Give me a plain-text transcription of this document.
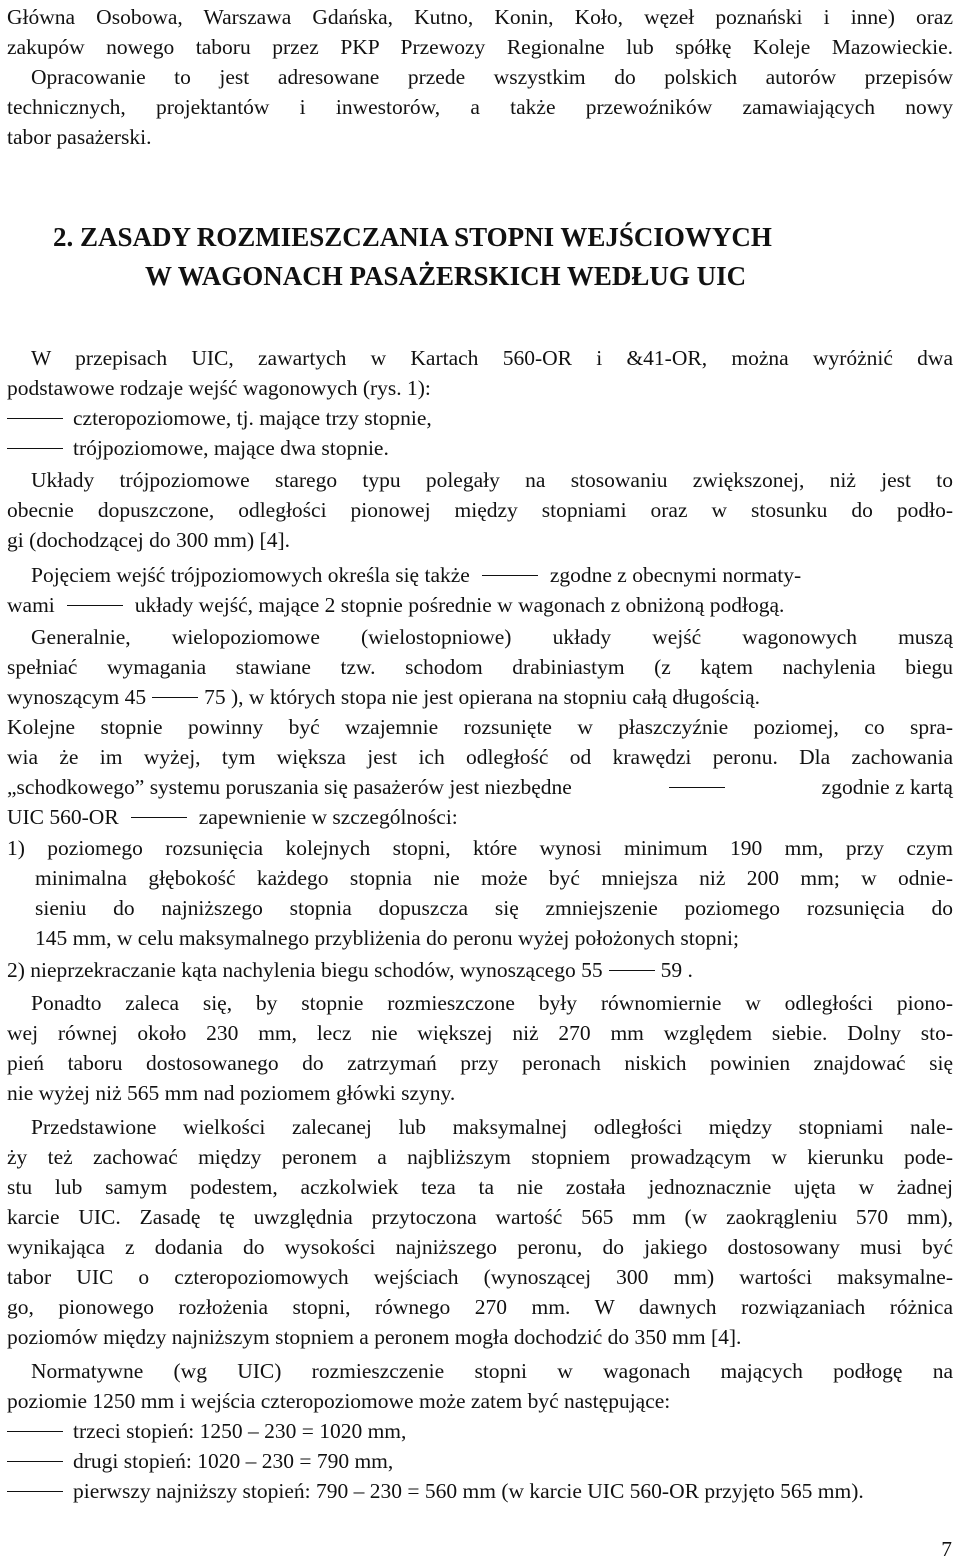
Główna Osobowa, Warszawa Gdańska, Kutno, Konin, Koło, węzeł poznański i inne) oraz

zakupów nowego taboru przez PKP Przewozy Regionalne lub spółkę Koleje Mazowieckie.

Opracowanie to jest adresowane przede wszystkim do polskich autorów przepisów

technicznych, projektantów i inwestorów, a także przewoźników zamawiających nowy

tabor pasażerski.

2. ZASADY ROZMIESZCZANIA STOPNI WEJŚCIOWYCH
W WAGONACH PASAŻERSKICH WEDŁUG UIC

W przepisach UIC, zawartych w Kartach 560-OR i &41-OR, można wyróżnić dwa

podstawowe rodzaje wejść wagonowych (rys. 1):

czteropoziomowe, tj. mające trzy stopnie,
trójpoziomowe, mające dwa stopnie.

Układy trójpoziomowe starego typu polegały na stosowaniu zwiększonej, niż jest to

obecnie dopuszczone, odległości pionowej między stopniami oraz w stosunku do podło-

gi (dochodzącej do 300 mm) [4].

Pojęciem wejść trójpoziomowych określa się także	zgodne z obecnymi normaty-
wami	układy wejść, mające 2 stopnie pośrednie w wagonach z obniżoną podłogą.

Generalnie, wielopoziomowe (wielostopniowe) układy wejść wagonowych muszą

spełniać wymagania stawiane tzw. schodom drabiniastym (z kątem nachylenia biegu

wynoszącym 45	75 ), w których stopa nie jest opierana na stopniu całą długością.

Kolejne stopnie powinny być wzajemnie rozsunięte w płaszczyźnie poziomej, co spra-

wia że im wyżej, tym większa jest ich odległość od krawędzi peronu. Dla zachowania

„schodkowego” systemu poruszania się pasażerów jest niezbędne	zgodnie z kartą
UIC 560-OR	zapewnienie w szczególności:

1) poziomego rozsunięcia kolejnych stopni, które wynosi minimum 190 mm, przy czym

minimalna głębokość każdego stopnia nie może być mniejsza niż 200 mm; w odnie-

sieniu do najniższego stopnia dopuszcza się zmniejszenie poziomego rozsunięcia do

145 mm, w celu maksymalnego przybliżenia do peronu wyżej położonych stopni;

2) nieprzekraczanie kąta nachylenia biegu schodów, wynoszącego 55	59 .

Ponadto zaleca się, by stopnie rozmieszczone były równomiernie w odległości piono-

wej równej około 230 mm, lecz nie większej niż 270 mm względem siebie. Dolny sto-

pień taboru dostosowanego do zatrzymań przy peronach niskich powinien znajdować się

nie wyżej niż 565 mm nad poziomem główki szyny.

Przedstawione wielkości zalecanej lub maksymalnej odległości między stopniami nale-

ży też zachować między peronem a najbliższym stopniem prowadzącym w kierunku pode-

stu lub samym podestem, aczkolwiek teza ta nie została jednoznacznie ujęta w żadnej

karcie UIC. Zasadę tę uwzględnia przytoczona wartość 565 mm (w zaokrągleniu 570 mm),

wynikająca z dodania do wysokości najniższego peronu, do jakiego dostosowany musi być

tabor UIC o czteropoziomowych wejściach (wynoszącej 300 mm) wartości maksymalne-

go, pionowego rozłożenia stopni, równego 270 mm. W dawnych rozwiązaniach różnica

poziomów między najniższym stopniem a peronem mogła dochodzić do 350 mm [4].

Normatywne (wg UIC) rozmieszczenie stopni w wagonach mających podłogę na

poziomie 1250 mm i wejścia czteropoziomowe może zatem być następujące:

trzeci stopień: 1250 – 230 = 1020 mm,
drugi stopień: 1020 – 230 = 790 mm,
pierwszy najniższy stopień: 790 – 230 = 560 mm (w karcie UIC 560-OR przyjęto 565 mm).
7
